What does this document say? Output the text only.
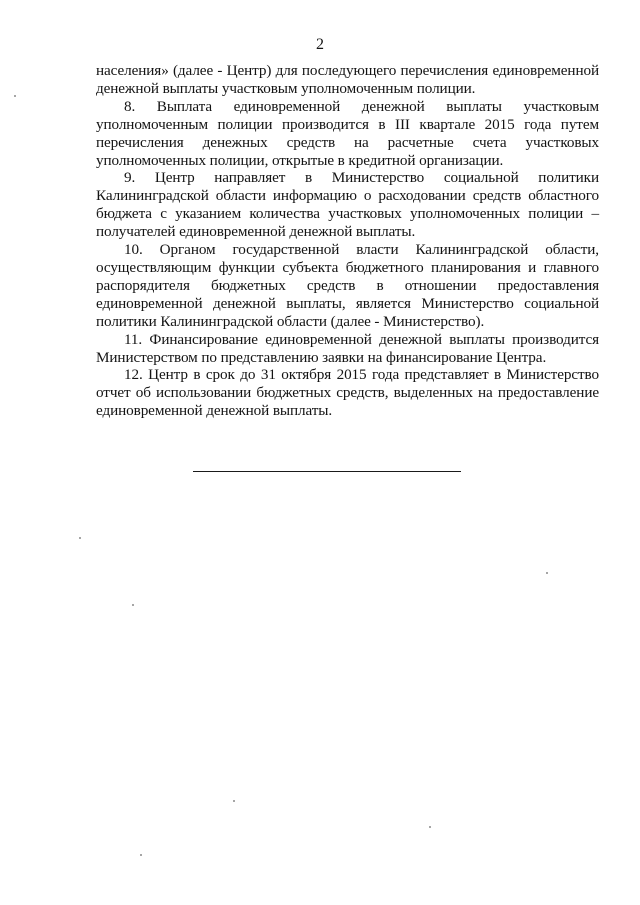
2

населения» (далее - Центр) для последующего перечисления единовременной денежной выплаты участковым уполномоченным полиции.

8. Выплата единовременной денежной выплаты участковым уполномоченным полиции производится в III квартале 2015 года путем перечисления денежных средств на расчетные счета участковых уполномоченных полиции, открытые в кредитной организации.

9. Центр направляет в Министерство социальной политики Калининградской области информацию о расходовании средств областного бюджета с указанием количества участковых уполномоченных полиции – получателей единовременной денежной выплаты.

10. Органом государственной власти Калининградской области, осуществляющим функции субъекта бюджетного планирования и главного распорядителя бюджетных средств в отношении предоставления единовременной денежной выплаты, является Министерство социальной политики Калининградской области (далее - Министерство).

11. Финансирование единовременной денежной выплаты производится Министерством по представлению заявки на финансирование Центра.

12. Центр в срок до 31 октября 2015 года представляет в Министерство отчет об использовании бюджетных средств, выделенных на предоставление единовременной денежной выплаты.
